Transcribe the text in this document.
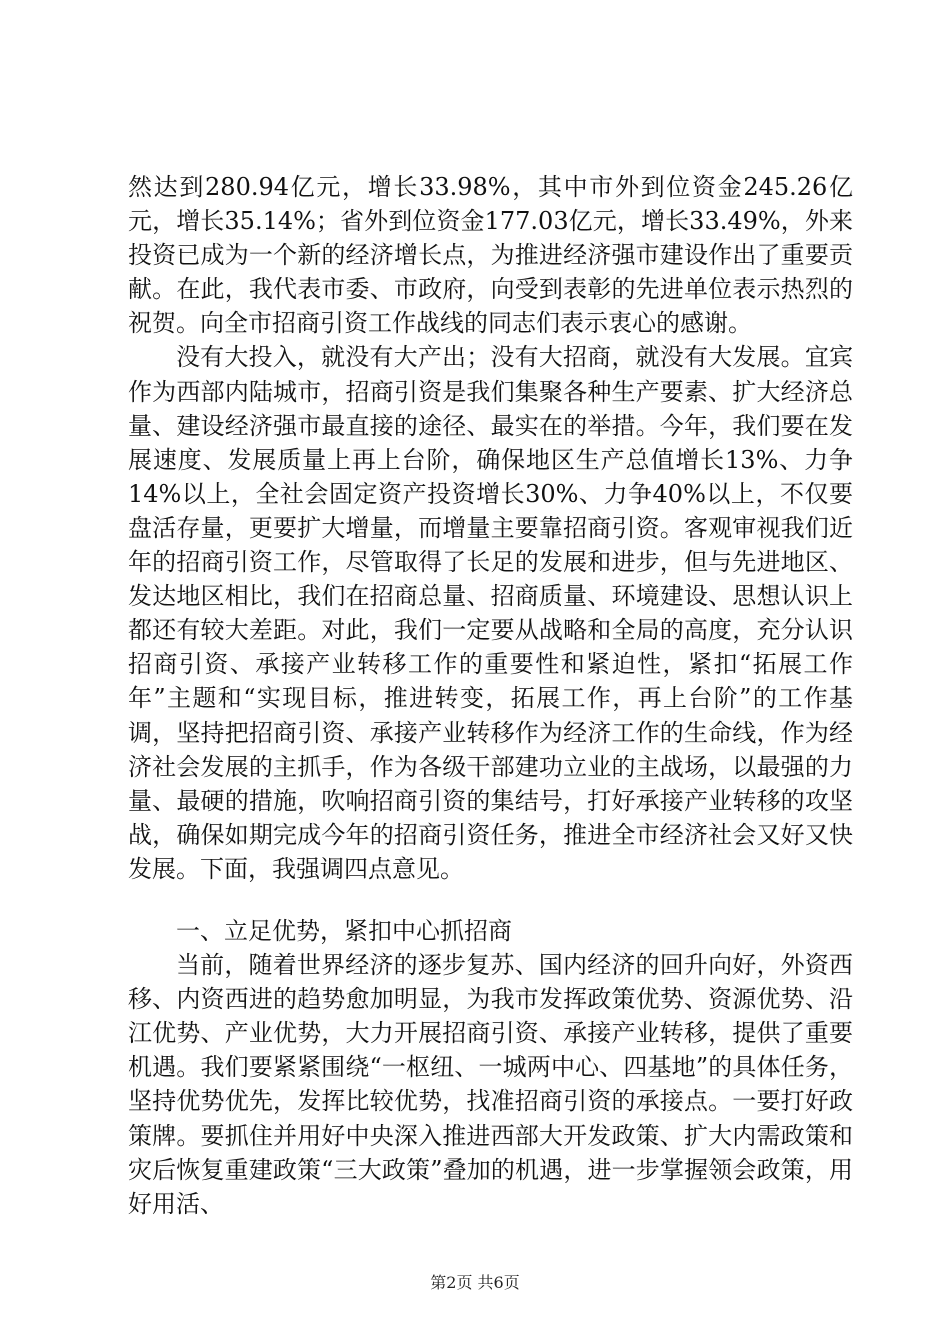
然达到280.94亿元，增长33.98%，其中市外到位资金245.26亿元，增长35.14%；省外到位资金177.03亿元，增长33.49%，外来投资已成为一个新的经济增长点，为推进经济强市建设作出了重要贡献。在此，我代表市委、市政府，向受到表彰的先进单位表示热烈的祝贺。向全市招商引资工作战线的同志们表示衷心的感谢。

没有大投入，就没有大产出；没有大招商，就没有大发展。宜宾作为西部内陆城市，招商引资是我们集聚各种生产要素、扩大经济总量、建设经济强市最直接的途径、最实在的举措。今年，我们要在发展速度、发展质量上再上台阶，确保地区生产总值增长13%、力争14%以上，全社会固定资产投资增长30%、力争40%以上，不仅要盘活存量，更要扩大增量，而增量主要靠招商引资。客观审视我们近年的招商引资工作，尽管取得了长足的发展和进步，但与先进地区、发达地区相比，我们在招商总量、招商质量、环境建设、思想认识上都还有较大差距。对此，我们一定要从战略和全局的高度，充分认识招商引资、承接产业转移工作的重要性和紧迫性，紧扣“拓展工作年”主题和“实现目标，推进转变，拓展工作，再上台阶”的工作基调，坚持把招商引资、承接产业转移作为经济工作的生命线，作为经济社会发展的主抓手，作为各级干部建功立业的主战场，以最强的力量、最硬的措施，吹响招商引资的集结号，打好承接产业转移的攻坚战，确保如期完成今年的招商引资任务，推进全市经济社会又好又快发展。下面，我强调四点意见。

一、立足优势，紧扣中心抓招商

当前，随着世界经济的逐步复苏、国内经济的回升向好，外资西移、内资西进的趋势愈加明显，为我市发挥政策优势、资源优势、沿江优势、产业优势，大力开展招商引资、承接产业转移，提供了重要机遇。我们要紧紧围绕“一枢纽、一城两中心、四基地”的具体任务，坚持优势优先，发挥比较优势，找准招商引资的承接点。一要打好政策牌。要抓住并用好中央深入推进西部大开发政策、扩大内需政策和灾后恢复重建政策“三大政策”叠加的机遇，进一步掌握领会政策，用好用活、

第2页 共6页
